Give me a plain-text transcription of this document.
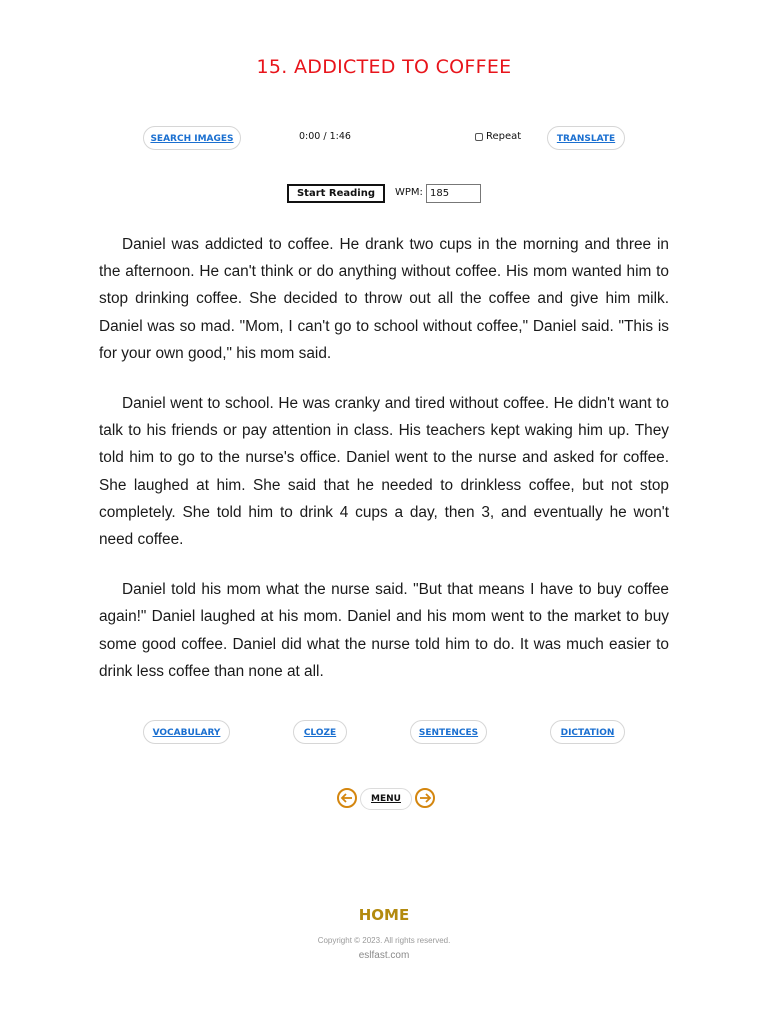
15. ADDICTED TO COFFEE
SEARCH IMAGES	0:00 / 1:46	Repeat	TRANSLATE
Start Reading	WPM:
185

Daniel was addicted to coffee. He drank two cups in the morning and three in the afternoon. He can't think or do anything without coffee. His mom wanted him to stop drinking coffee. She decided to throw out all the coffee and give him milk. Daniel was so mad. "Mom, I can't go to school without coffee," Daniel said. "This is for your own good," his mom said.

Daniel went to school. He was cranky and tired without coffee. He didn't want to talk to his friends or pay attention in class. His teachers kept waking him up. They told him to go to the nurse's office. Daniel went to the nurse and asked for coffee. She laughed at him. She said that he needed to drinkless coffee, but not stop completely. She told him to drink 4 cups a day, then 3, and eventually he won't need coffee.

Daniel told his mom what the nurse said. "But that means I have to buy coffee again!" Daniel laughed at his mom. Daniel and his mom went to the market to buy some good coffee. Daniel did what the nurse told him to do. It was much easier to drink less coffee than none at all.

VOCABULARY	CLOZE	SENTENCES	DICTATION
MENU
HOME
Copyright © 2023. All rights reserved.
eslfast.com
